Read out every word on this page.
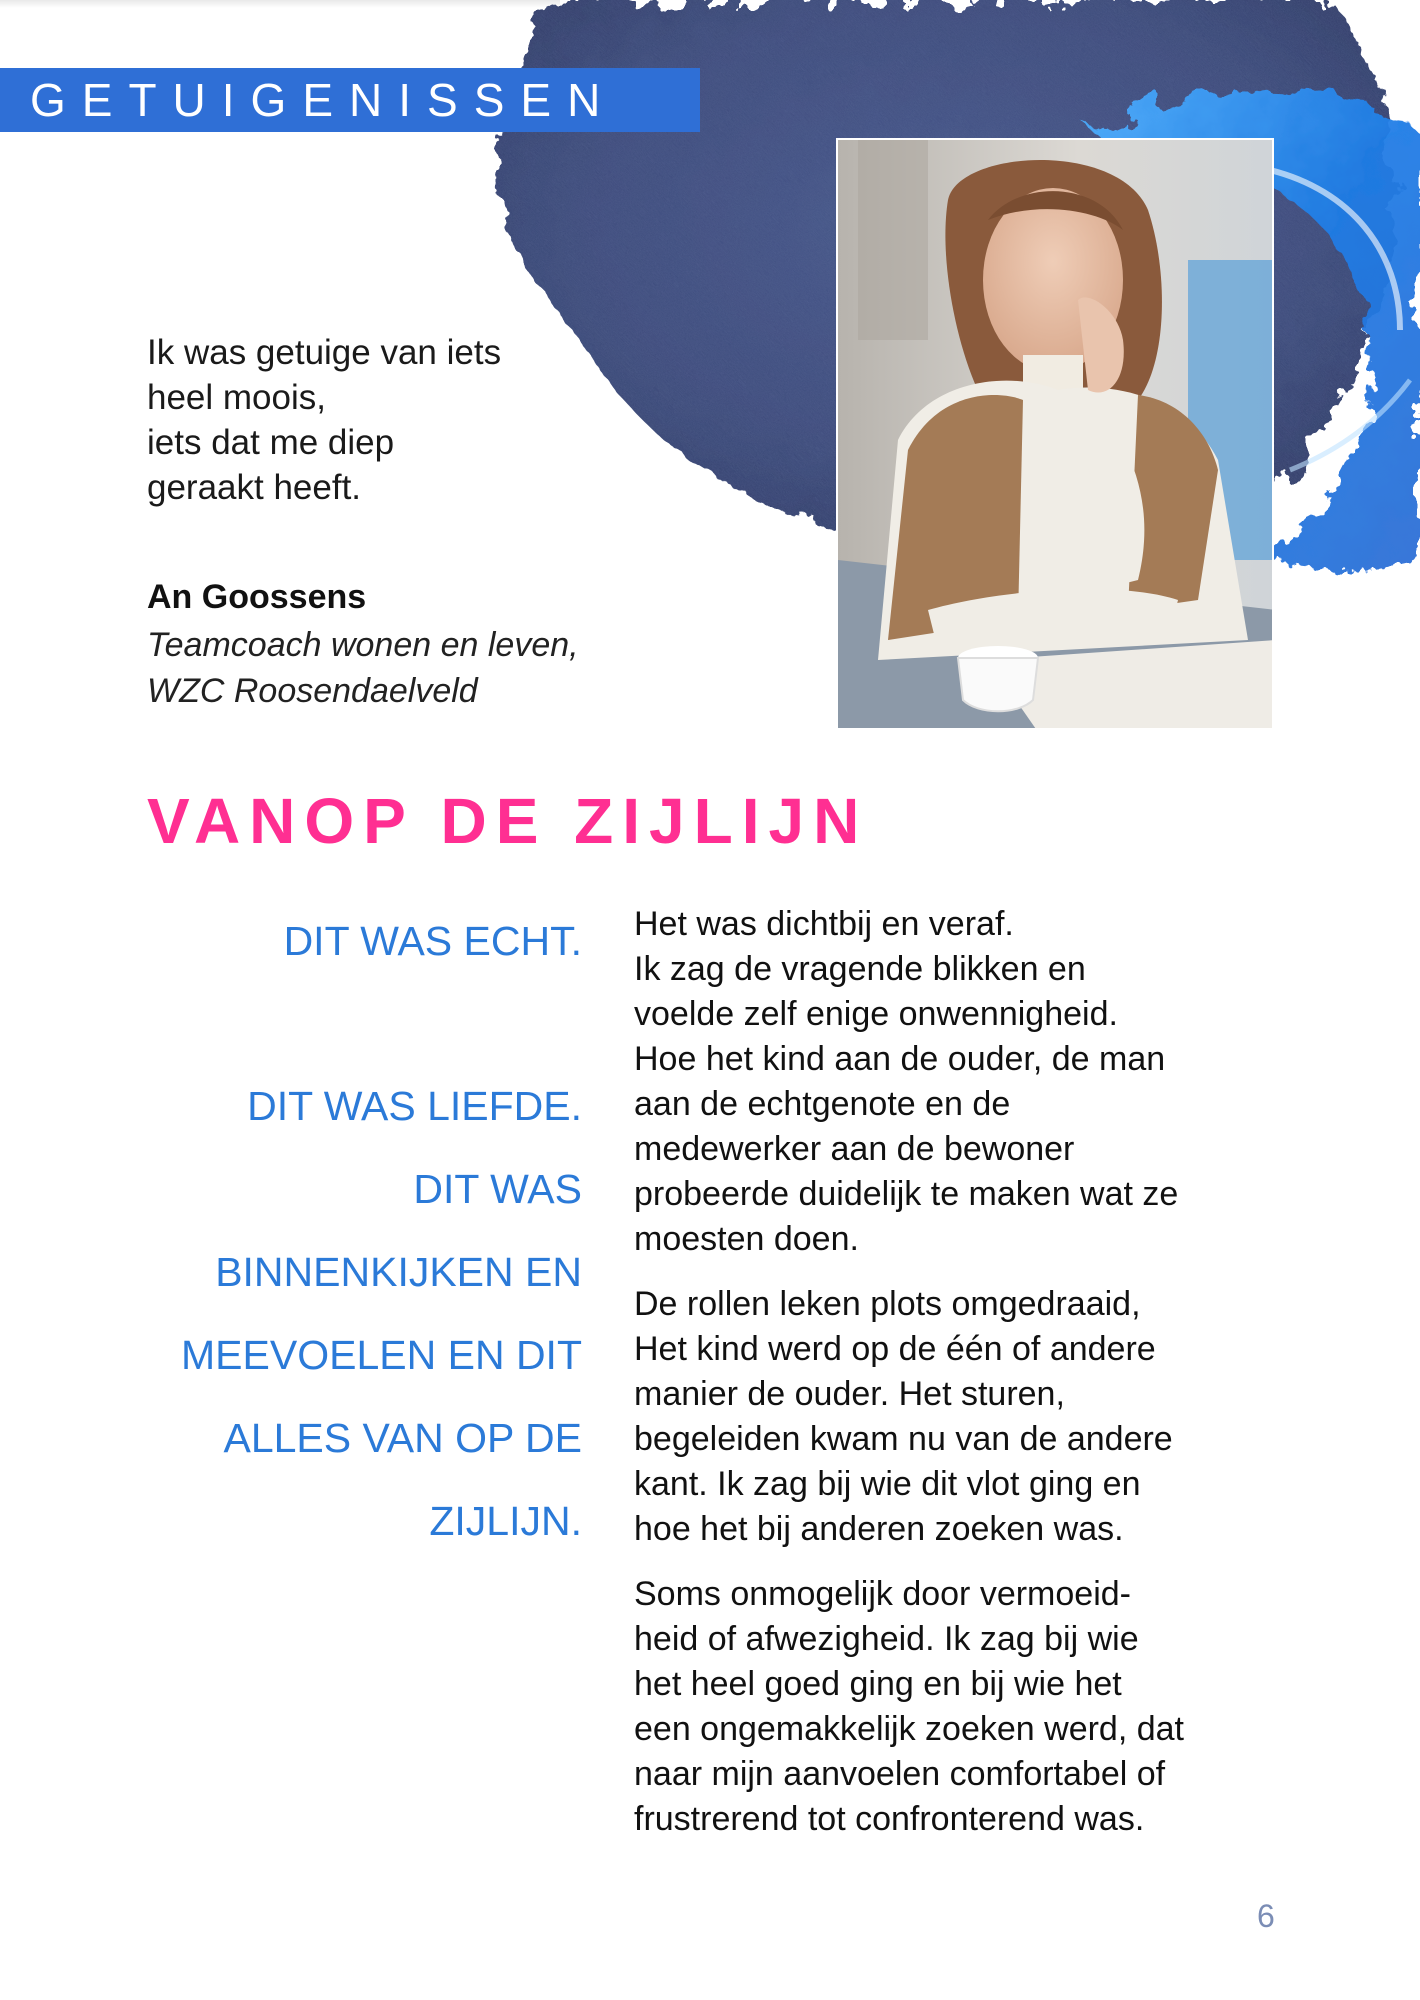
GETUIGENISSEN
Ik was getuige van iets
heel moois,
iets dat me diep
geraakt heeft.
An Goossens
Teamcoach wonen en leven,
WZC Roosendaelveld
VANOP DE ZIJLIJN
DIT WAS ECHT.
DIT WAS LIEFDE.
DIT WAS
BINNENKIJKEN EN
MEEVOELEN EN DIT
ALLES VAN OP DE
ZIJLIJN.

Het was dichtbij en veraf.
Ik zag de vragende blikken en
voelde zelf enige onwennigheid.
Hoe het kind aan de ouder, de man
aan de echtgenote en de
medewerker aan de bewoner
probeerde duidelijk te maken wat ze
moesten doen.

De rollen leken plots omgedraaid,
Het kind werd op de één of andere
manier de ouder. Het sturen,
begeleiden kwam nu van de andere
kant. Ik zag bij wie dit vlot ging en
hoe het bij anderen zoeken was.

Soms onmogelijk door vermoeid-
heid of afwezigheid. Ik zag bij wie
het heel goed ging en bij wie het
een ongemakkelijk zoeken werd, dat
naar mijn aanvoelen comfortabel of
frustrerend tot confronterend was.

6
